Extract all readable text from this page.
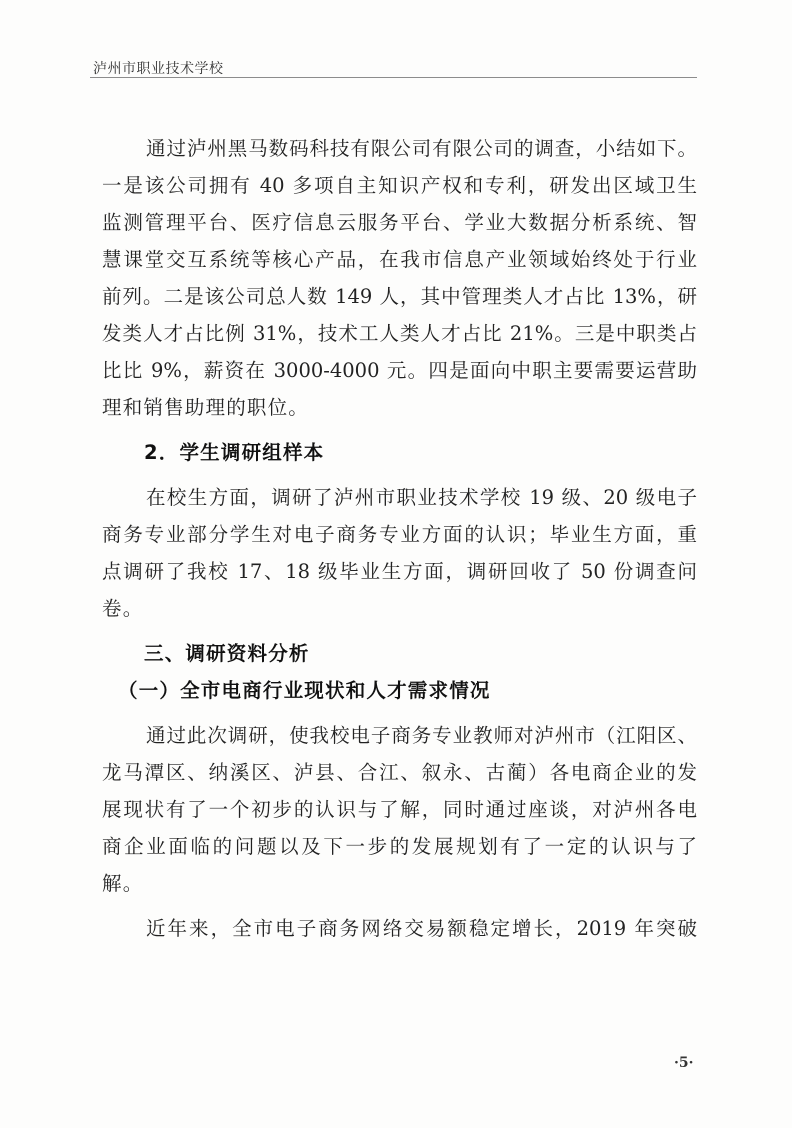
泸州市职业技术学校
通过泸州黑马数码科技有限公司有限公司的调查，小结如下。
一是该公司拥有 40 多项自主知识产权和专利，研发出区域卫生
监测管理平台、医疗信息云服务平台、学业大数据分析系统、智
慧课堂交互系统等核心产品，在我市信息产业领域始终处于行业
前列。二是该公司总人数 149 人，其中管理类人才占比 13%，研
发类人才占比例 31%，技术工人类人才占比 21%。三是中职类占
比比 9%，薪资在 3000-4000 元。四是面向中职主要需要运营助
理和销售助理的职位。
2．学生调研组样本
在校生方面，调研了泸州市职业技术学校 19 级、20 级电子
商务专业部分学生对电子商务专业方面的认识；毕业生方面，重
点调研了我校 17、18 级毕业生方面，调研回收了 50 份调查问
卷。
三、调研资料分析
（一）全市电商行业现状和人才需求情况
通过此次调研，使我校电子商务专业教师对泸州市（江阳区、
龙马潭区、纳溪区、泸县、合江、叙永、古蔺）各电商企业的发
展现状有了一个初步的认识与了解，同时通过座谈，对泸州各电
商企业面临的问题以及下一步的发展规划有了一定的认识与了
解。
近年来，全市电子商务网络交易额稳定增长，2019 年突破
·5·
